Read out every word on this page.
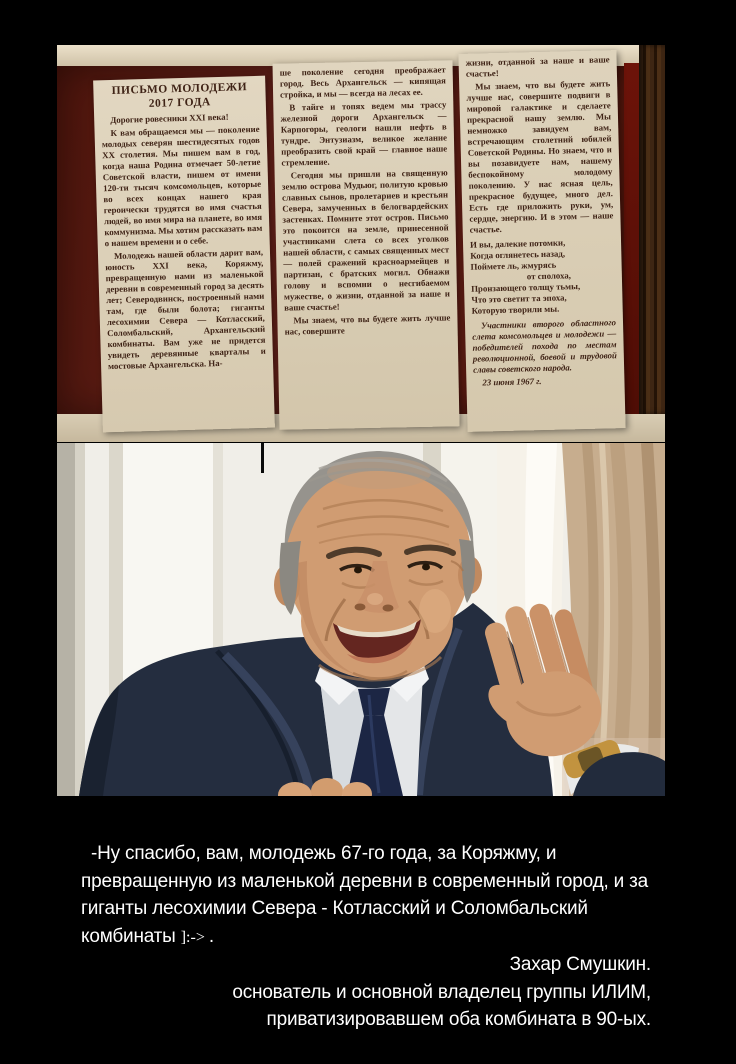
ПИСЬМО МОЛОДЕЖИ
2017 ГОДА

Дорогие ровесники XXI века!

К вам обращаемся мы — поколение молодых северян шестидесятых годов XX столетия. Мы пишем вам в год, когда наша Родина отмечает 50-летие Советской власти, пишем от имени 120-ти тысяч комсомольцев, которые во всех концах нашего края героически трудятся во имя счастья людей, во имя мира на планете, во имя коммунизма. Мы хотим рассказать вам о нашем времени и о себе.

Молодежь нашей области дарит вам, юность XXI века, Коряжму, превращенную нами из маленькой деревни в современный город за десять лет; Северодвинск, построенный нами там, где были болота; гиганты лесохимии Севера — Котласский, Соломбальский, Архангельский комбинаты. Вам уже не придется увидеть деревянные кварталы и мостовые Архангельска. На-

ше поколение сегодня преображает город. Весь Архангельск — кипящая стройка, и мы — всегда на лесах ее.

В тайге и топях ведем мы трассу железной дороги Архангельск — Карпогоры, геологи нашли нефть в тундре. Энтузиазм, великое желание преобразить свой край — главное наше стремление.

Сегодня мы пришли на священную землю острова Мудьюг, политую кровью славных сынов, пролетариев и крестьян Севера, замученных в белогвардейских застенках. Помните этот остров. Письмо это покоится на земле, принесенной участниками слета со всех уголков нашей области, с самых священных мест — полей сражений красноармейцев и партизан, с братских могил. Обнажи голову и вспомни о несгибаемом мужестве, о жизни, отданной за наше и ваше счастье!

Мы знаем, что вы будете жить лучше нас, совершите

жизни, отданной за наше и ваше счастье!

Мы знаем, что вы будете жить лучше нас, совершите подвиги в мировой галактике и сделаете прекрасной нашу землю. Мы немножко завидуем вам, встречающим столетний юбилей Советской Родины. Но знаем, что и вы позавидуете нам, нашему беспокойному молодому поколению. У нас ясная цель, прекрасное будущее, много дел. Есть где приложить руки, ум, сердце, энергию. И в этом — наше счастье.

И вы, далекие потомки,
Когда оглянетесь назад,
Поймете ль, жмурясь
от сполоха,
Пронзающего толщу тьмы,
Что это светит та эпоха,
Которую творили мы.

Участники второго областного слета комсомольцев и молодежи — победителей похода по местам революционной, боевой и трудовой славы советского народа.

23 июня 1967 г.

-Ну спасибо, вам, молодежь 67-го года, за Коряжму, и
превращенную из маленькой деревни в современный город, и за
гиганты лесохимии Севера - Котласский и Соломбальский
комбинаты ]:-> .
Захар Смушкин.
основатель и основной владелец группы ИЛИМ,
приватизировавшем оба комбината в 90-ых.
